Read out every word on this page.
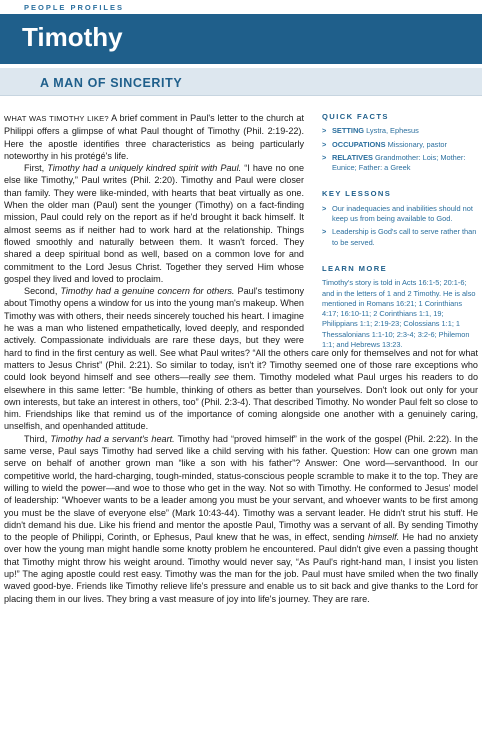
PEOPLE PROFILES
Timothy
A MAN OF SINCERITY

WHAT WAS TIMOTHY LIKE? A brief comment in Paul's letter to the church at Philippi offers a glimpse of what Paul thought of Timothy (Phil. 2:19-22). Here the apostle identifies three characteristics as being particularly noteworthy in his protégé's life.

First, Timothy had a uniquely kindred spirit with Paul. “I have no one else like Timothy,” Paul writes (Phil. 2:20). Timothy and Paul were closer than family. They were like-minded, with hearts that beat virtually as one. When the older man (Paul) sent the younger (Timothy) on a fact-finding mission, Paul could rely on the report as if he'd brought it back himself. It almost seems as if neither had to work hard at the relationship. Things flowed smoothly and naturally between them. It wasn't forced. They shared a deep spiritual bond as well, based on a common love for and commitment to the Lord Jesus Christ. Together they served Him whose gospel they lived and loved to proclaim.

Second, Timothy had a genuine concern for others. Paul's testimony about Timothy opens a window for us into the young man's makeup. When Timothy was with others, their needs sincerely touched his heart. I imagine he was a man who listened empathetically, loved deeply, and responded actively. Compassionate individuals are rare these days, but they were hard to find in the first century as well. See what Paul writes? “All the others care only for themselves and not for what matters to Jesus Christ” (Phil. 2:21). So similar to today, isn't it? Timothy seemed one of those rare exceptions who could look beyond himself and see others—really see them. Timothy modeled what Paul urges his readers to do elsewhere in this same letter: “Be humble, thinking of others as better than yourselves. Don't look out only for your own interests, but take an interest in others, too” (Phil. 2:3-4). That described Timothy. No wonder Paul felt so close to him. Friendships like that remind us of the importance of coming alongside one another with a genuinely caring, unselfish, and openhanded attitude.

Third, Timothy had a servant's heart. Timothy had “proved himself” in the work of the gospel (Phil. 2:22). In the same verse, Paul says Timothy had served like a child serving with his father. Question: How can one grown man serve on behalf of another grown man “like a son with his father”? Answer: One word—servanthood. In our competitive world, the hard-charging, tough-minded, status-conscious people scramble to make it to the top. They are willing to wield the power—and woe to those who get in the way. Not so with Timothy. He conformed to Jesus' model of leadership: “Whoever wants to be a leader among you must be your servant, and whoever wants to be first among you must be the slave of everyone else” (Mark 10:43-44). Timothy was a servant leader. He didn't strut his stuff. He didn't demand his due. Like his friend and mentor the apostle Paul, Timothy was a servant of all. By sending Timothy to the people of Philippi, Corinth, or Ephesus, Paul knew that he was, in effect, sending himself. He had no anxiety over how the young man might handle some knotty problem he encountered. Paul didn't give even a passing thought that Timothy might throw his weight around. Timothy would never say, “As Paul's right-hand man, I insist you listen up!” The aging apostle could rest easy. Timothy was the man for the job. Paul must have smiled when the two finally waved good-bye. Friends like Timothy relieve life's pressure and enable us to sit back and give thanks to the Lord for placing them in our lives. They bring a vast measure of joy into life's journey. They are rare.

QUICK FACTS
> SETTING Lystra, Ephesus
> OCCUPATIONS Missionary, pastor
> RELATIVES Grandmother: Lois; Mother: Eunice; Father: a Greek
KEY LESSONS
> Our inadequacies and inabilities should not keep us from being available to God.
> Leadership is God's call to serve rather than to be served.
LEARN MORE
Timothy's story is told in Acts 16:1-5; 20:1-6; and in the letters of 1 and 2 Timothy. He is also mentioned in Romans 16:21; 1 Corinthians 4:17; 16:10-11; 2 Corinthians 1:1, 19; Philippians 1:1; 2:19-23; Colossians 1:1; 1 Thessalonians 1:1-10; 2:3-4; 3:2-6; Philemon 1:1; and Hebrews 13:23.
